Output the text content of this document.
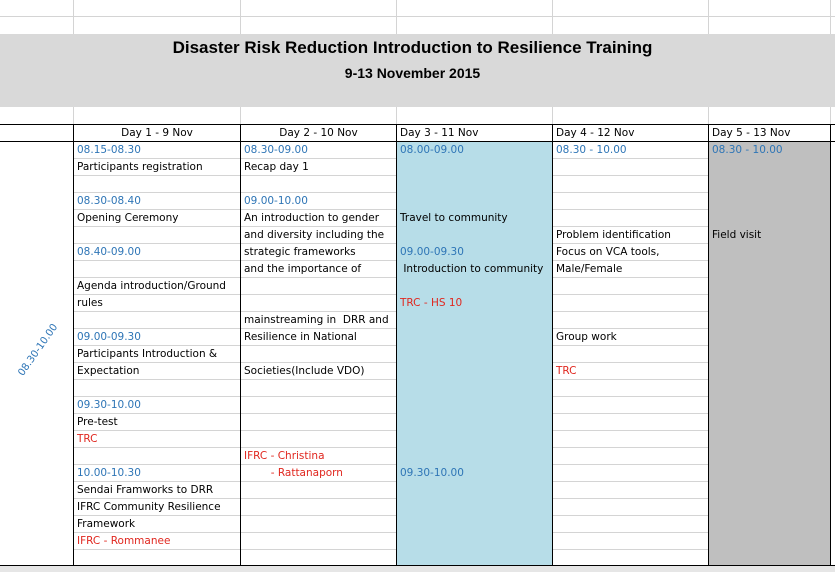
Disaster Risk Reduction Introduction to Resilience Training
9-13 November 2015
08.30-10.00
Day 1 - 9 Nov
08.15-08.30
Participants registration
08.30-08.40
Opening Ceremony
08.40-09.00
Agenda introduction/Ground
rules
09.00-09.30
Participants Introduction &
Expectation
09.30-10.00
Pre-test
TRC
10.00-10.30
Sendai Framworks to DRR
IFRC Community Resilience
Framework
IFRC - Rommanee
Day 2 - 10 Nov
08.30-09.00
Recap day 1
09.00-10.00
An introduction to gender
and diversity including the
strategic frameworks
and the importance of
mainstreaming in  DRR and
Resilience in National
Societies(Include VDO)
IFRC - Christina
- Rattanaporn
Day 3 - 11 Nov
08.00-09.00
Travel to community
09.00-09.30
Introduction to community
TRC - HS 10
09.30-10.00
Day 4 - 12 Nov
08.30 - 10.00
Problem identification
Focus on VCA tools,
Male/Female
Group work
TRC
Day 5 - 13 Nov
08.30 - 10.00
Field visit
